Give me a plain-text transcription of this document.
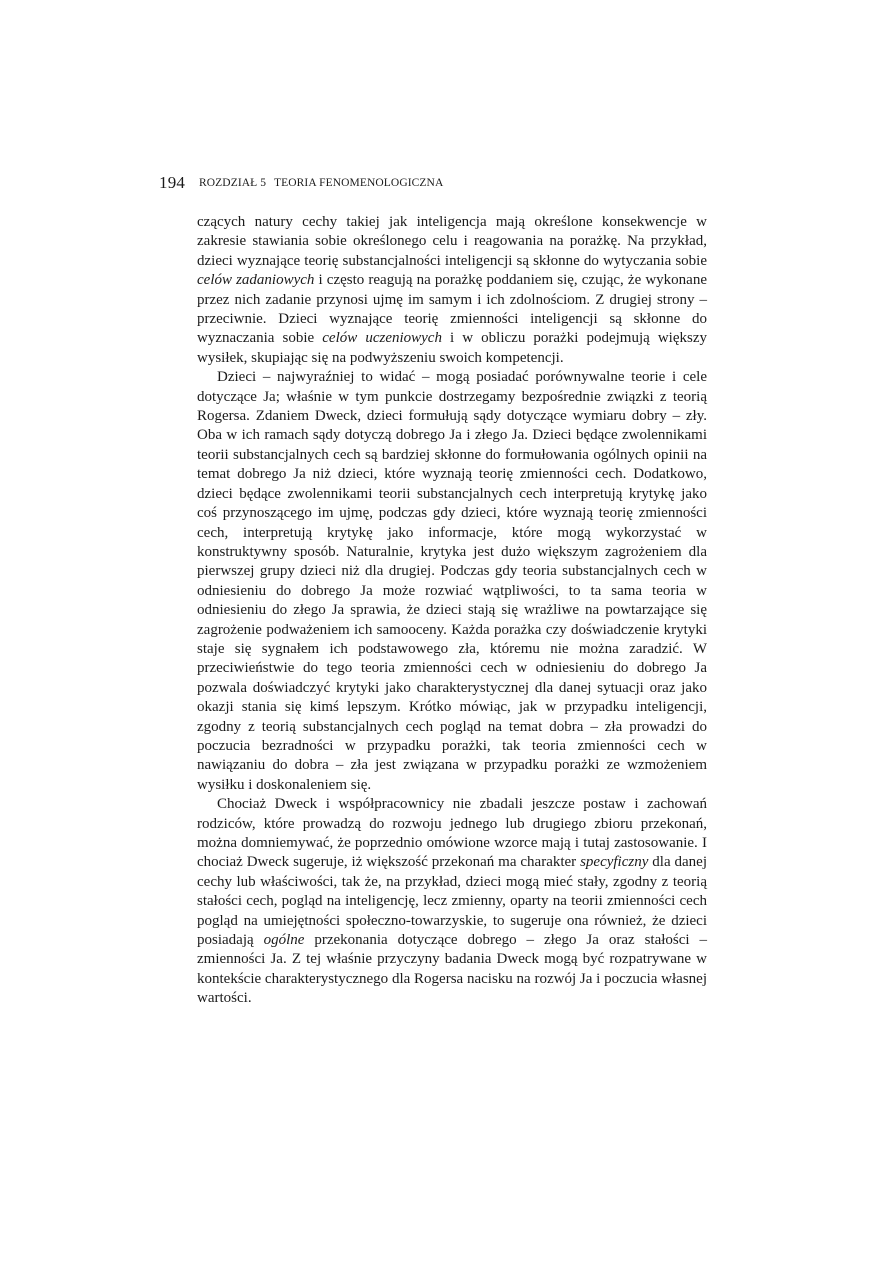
194 ROZDZIAŁ 5 TEORIA FENOMENOLOGICZNA

czących natury cechy takiej jak inteligencja mają określone konsekwencje w zakresie stawiania sobie określonego celu i reagowania na porażkę. Na przykład, dzieci wyznające teorię substancjalności inteligencji są skłonne do wytyczania sobie celów zadaniowych i często reagują na porażkę poddaniem się, czując, że wykonane przez nich zadanie przynosi ujmę im samym i ich zdolnościom. Z drugiej strony – przeciwnie. Dzieci wyznające teorię zmienności inteligencji są skłonne do wyznaczania sobie celów uczeniowych i w obliczu porażki podejmują większy wysiłek, skupiając się na podwyższeniu swoich kompetencji.

Dzieci – najwyraźniej to widać – mogą posiadać porównywalne teorie i cele dotyczące Ja; właśnie w tym punkcie dostrzegamy bezpośrednie związki z teorią Rogersa. Zdaniem Dweck, dzieci formułują sądy dotyczące wymiaru dobry – zły. Oba w ich ramach sądy dotyczą dobrego Ja i złego Ja. Dzieci będące zwolennikami teorii substancjalnych cech są bardziej skłonne do formułowania ogólnych opinii na temat dobrego Ja niż dzieci, które wyznają teorię zmienności cech. Dodatkowo, dzieci będące zwolennikami teorii substancjalnych cech interpretują krytykę jako coś przynoszącego im ujmę, podczas gdy dzieci, które wyznają teorię zmienności cech, interpretują krytykę jako informacje, które mogą wykorzystać w konstruktywny sposób. Naturalnie, krytyka jest dużo większym zagrożeniem dla pierwszej grupy dzieci niż dla drugiej. Podczas gdy teoria substancjalnych cech w odniesieniu do dobrego Ja może rozwiać wątpliwości, to ta sama teoria w odniesieniu do złego Ja sprawia, że dzieci stają się wrażliwe na powtarzające się zagrożenie podważeniem ich samooceny. Każda porażka czy doświadczenie krytyki staje się sygnałem ich podstawowego zła, któremu nie można zaradzić. W przeciwieństwie do tego teoria zmienności cech w odniesieniu do dobrego Ja pozwala doświadczyć krytyki jako charakterystycznej dla danej sytuacji oraz jako okazji stania się kimś lepszym. Krótko mówiąc, jak w przypadku inteligencji, zgodny z teorią substancjalnych cech pogląd na temat dobra – zła prowadzi do poczucia bezradności w przypadku porażki, tak teoria zmienności cech w nawiązaniu do dobra – zła jest związana w przypadku porażki ze wzmożeniem wysiłku i doskonaleniem się.

Chociaż Dweck i współpracownicy nie zbadali jeszcze postaw i zachowań rodziców, które prowadzą do rozwoju jednego lub drugiego zbioru przekonań, można domniemywać, że poprzednio omówione wzorce mają i tutaj zastosowanie. I chociaż Dweck sugeruje, iż większość przekonań ma charakter specyficzny dla danej cechy lub właściwości, tak że, na przykład, dzieci mogą mieć stały, zgodny z teorią stałości cech, pogląd na inteligencję, lecz zmienny, oparty na teorii zmienności cech pogląd na umiejętności społeczno-towarzyskie, to sugeruje ona również, że dzieci posiadają ogólne przekonania dotyczące dobrego – złego Ja oraz stałości – zmienności Ja. Z tej właśnie przyczyny badania Dweck mogą być rozpatrywane w kontekście charakterystycznego dla Rogersa nacisku na rozwój Ja i poczucia własnej wartości.
